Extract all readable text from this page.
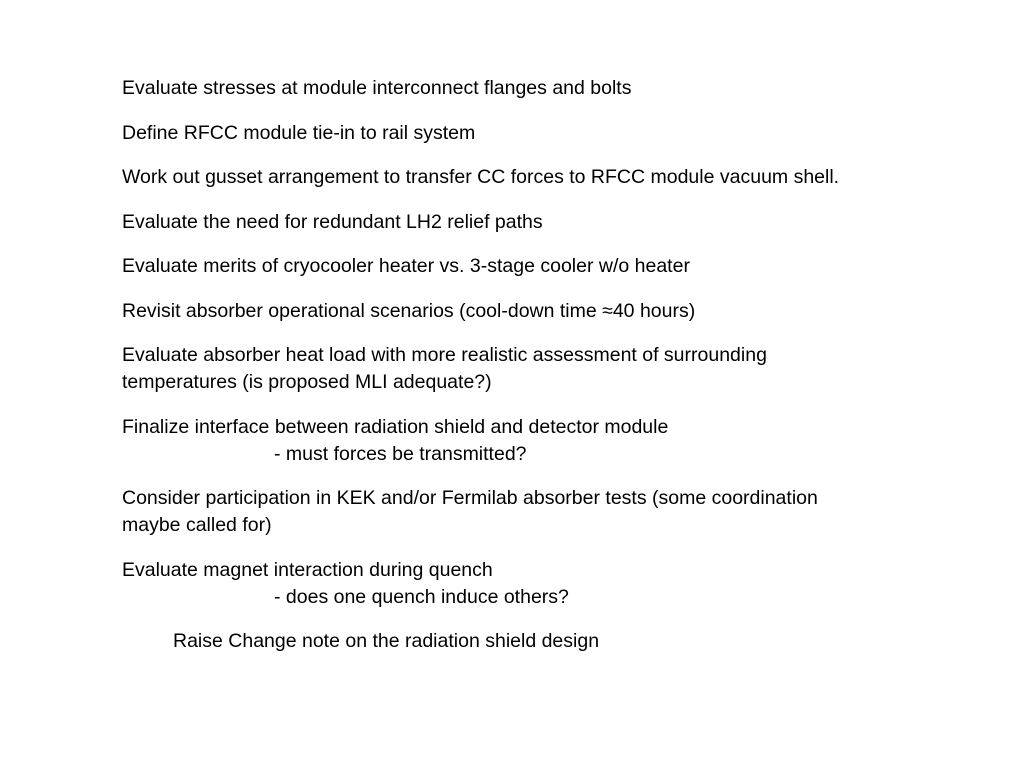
Evaluate stresses at module interconnect flanges and bolts
Define RFCC module tie-in to rail system
Work out gusset arrangement to transfer CC forces to RFCC module vacuum shell.
Evaluate the need for redundant LH2 relief paths
Evaluate merits of cryocooler heater vs. 3-stage cooler w/o heater
Revisit absorber operational scenarios (cool-down time ≈40 hours)
Evaluate absorber heat load with more realistic assessment of surrounding
temperatures (is proposed MLI adequate?)
Finalize interface between radiation shield and detector module
- must forces be transmitted?
Consider participation in KEK and/or Fermilab absorber tests (some coordination
maybe called for)
Evaluate magnet interaction during quench
- does one quench induce others?
Raise Change note on the radiation shield design
